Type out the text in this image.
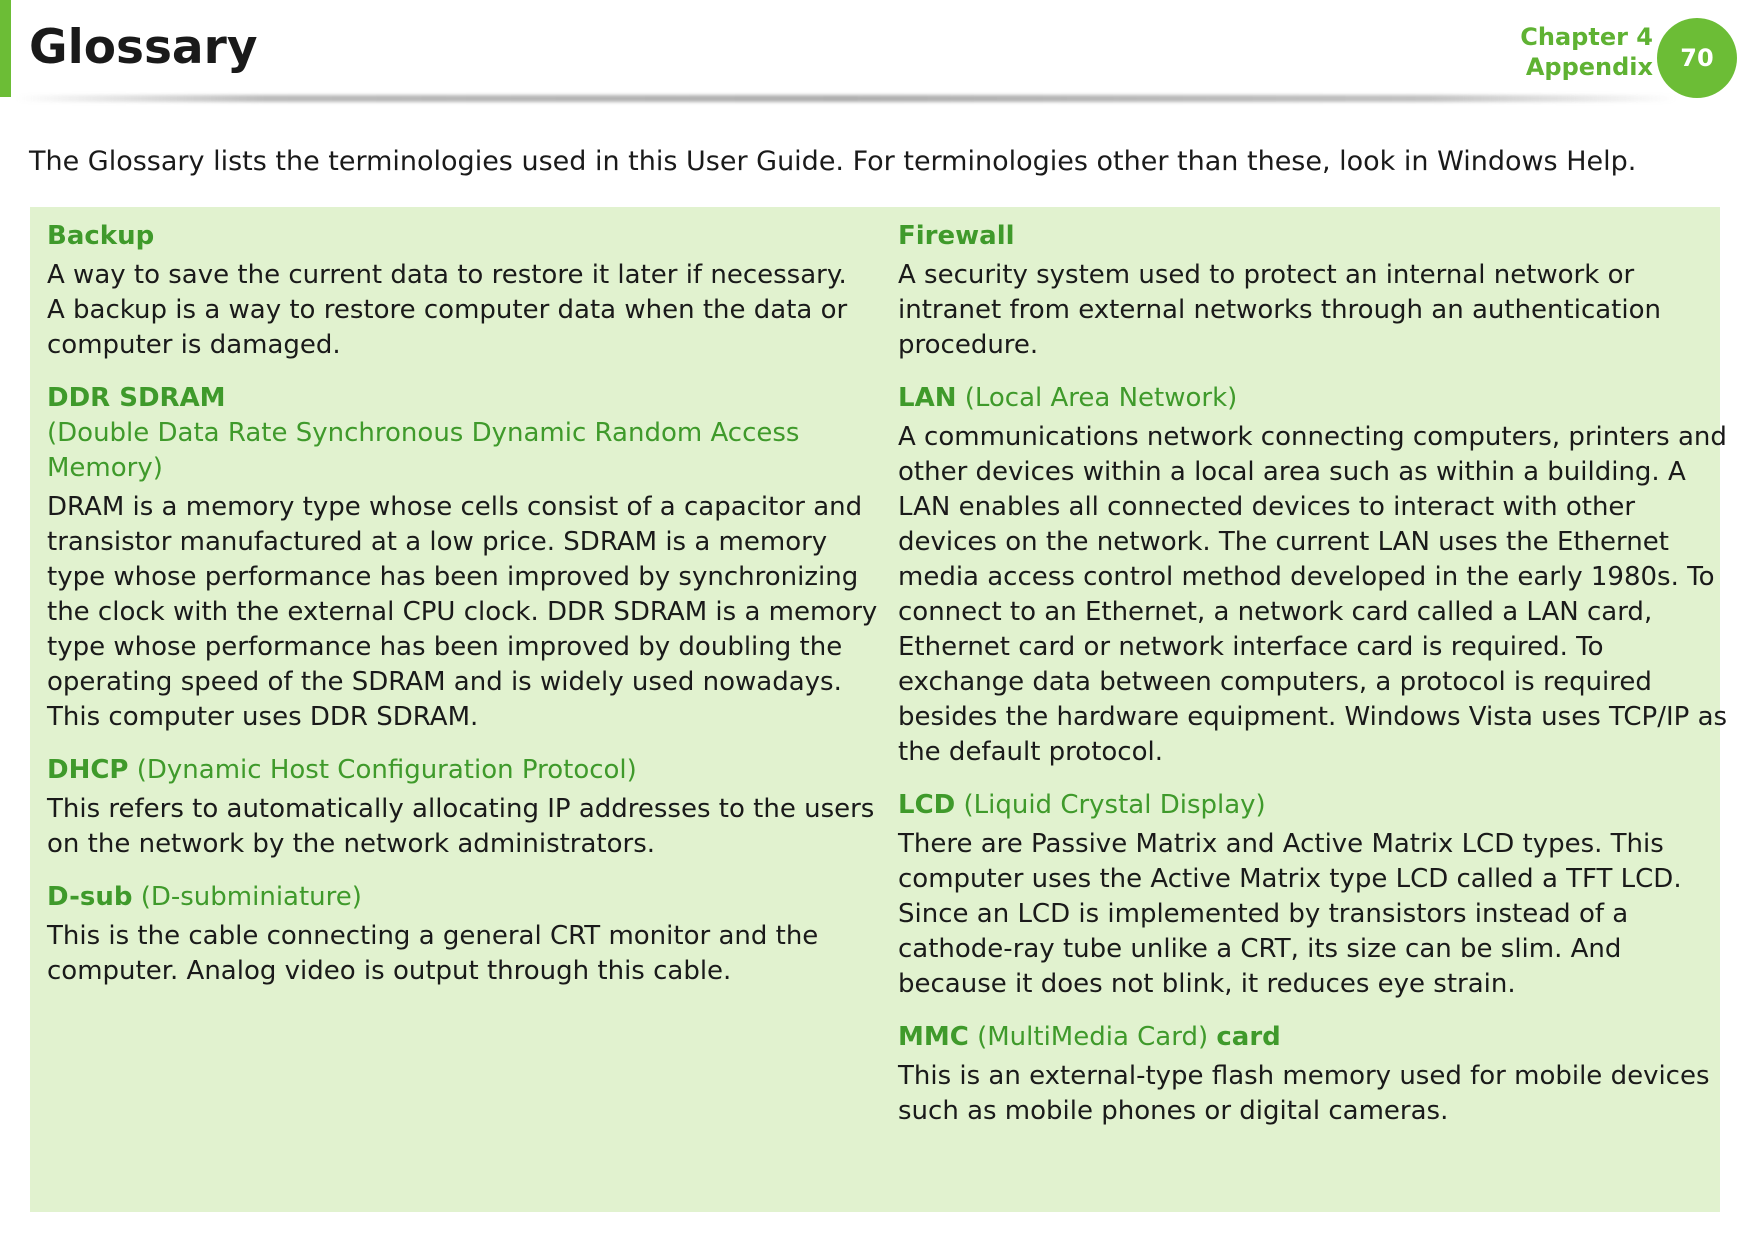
Glossary	Chapter 4
Appendix	70

The Glossary lists the terminologies used in this User Guide. For terminologies other than these, look in Windows Help.

Backup

A way to save the current data to restore it later if necessary.
A backup is a way to restore computer data when the data or computer is damaged.

DDR SDRAM
(Double Data Rate Synchronous Dynamic Random Access Memory)

DRAM is a memory type whose cells consist of a capacitor and transistor manufactured at a low price. SDRAM is a memory type whose performance has been improved by synchronizing the clock with the external CPU clock. DDR SDRAM is a memory type whose performance has been improved by doubling the operating speed of the SDRAM and is widely used nowadays. This computer uses DDR SDRAM.

DHCP (Dynamic Host Configuration Protocol)

This refers to automatically allocating IP addresses to the users on the network by the network administrators.

D-sub (D-subminiature)

This is the cable connecting a general CRT monitor and the computer. Analog video is output through this cable.

Firewall

A security system used to protect an internal network or intranet from external networks through an authentication procedure.

LAN (Local Area Network)

A communications network connecting computers, printers and other devices within a local area such as within a building. A LAN enables all connected devices to interact with other devices on the network. The current LAN uses the Ethernet media access control method developed in the early 1980s. To connect to an Ethernet, a network card called a LAN card, Ethernet card or network interface card is required. To exchange data between computers, a protocol is required besides the hardware equipment. Windows Vista uses TCP/IP as the default protocol.

LCD (Liquid Crystal Display)

There are Passive Matrix and Active Matrix LCD types. This computer uses the Active Matrix type LCD called a TFT LCD. Since an LCD is implemented by transistors instead of a cathode-ray tube unlike a CRT, its size can be slim. And because it does not blink, it reduces eye strain.

MMC (MultiMedia Card) card

This is an external-type flash memory used for mobile devices such as mobile phones or digital cameras.
